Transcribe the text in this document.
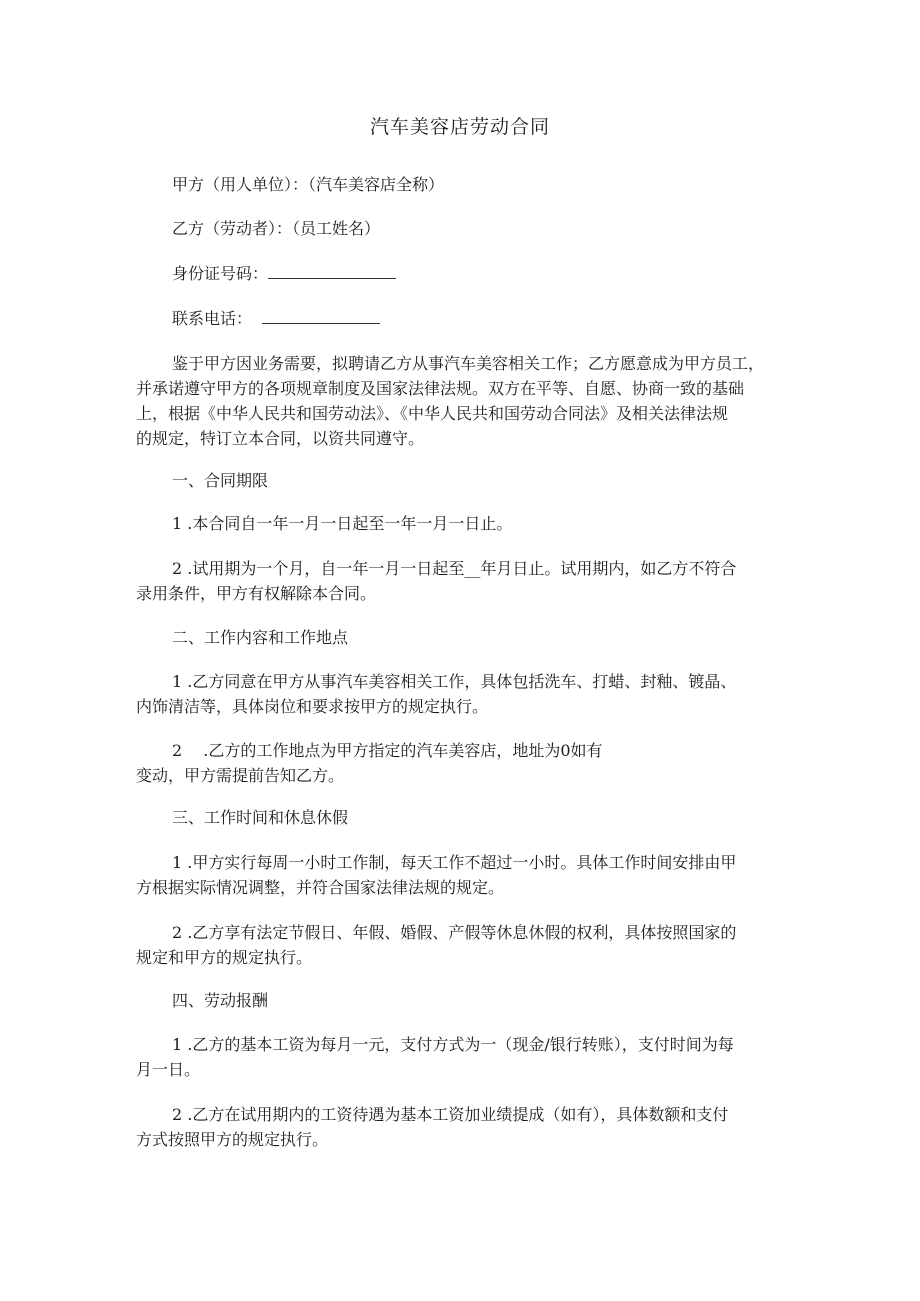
汽车美容店劳动合同
甲方（用人单位）：（汽车美容店全称）
乙方（劳动者）：（员工姓名）
身份证号码：
联系电话：
鉴于甲方因业务需要，拟聘请乙方从事汽车美容相关工作；乙方愿意成为甲方员工，
并承诺遵守甲方的各项规章制度及国家法律法规。双方在平等、自愿、协商一致的基础
上，根据《中华人民共和国劳动法》、《中华人民共和国劳动合同法》及相关法律法规
的规定，特订立本合同，以资共同遵守。
一、合同期限
1 .本合同自一年一月一日起至一年一月一日止。
2 .试用期为一个月，自一年一月一日起至__年月日止。试用期内，如乙方不符合
录用条件，甲方有权解除本合同。
二、工作内容和工作地点
1 .乙方同意在甲方从事汽车美容相关工作，具体包括洗车、打蜡、封釉、镀晶、
内饰清洁等，具体岗位和要求按甲方的规定执行。
2　 .乙方的工作地点为甲方指定的汽车美容店，地址为0如有
变动，甲方需提前告知乙方。
三、工作时间和休息休假
1 .甲方实行每周一小时工作制，每天工作不超过一小时。具体工作时间安排由甲
方根据实际情况调整，并符合国家法律法规的规定。
2 .乙方享有法定节假日、年假、婚假、产假等休息休假的权利，具体按照国家的
规定和甲方的规定执行。
四、劳动报酬
1 .乙方的基本工资为每月一元，支付方式为一（现金/银行转账），支付时间为每
月一日。
2 .乙方在试用期内的工资待遇为基本工资加业绩提成（如有），具体数额和支付
方式按照甲方的规定执行。
